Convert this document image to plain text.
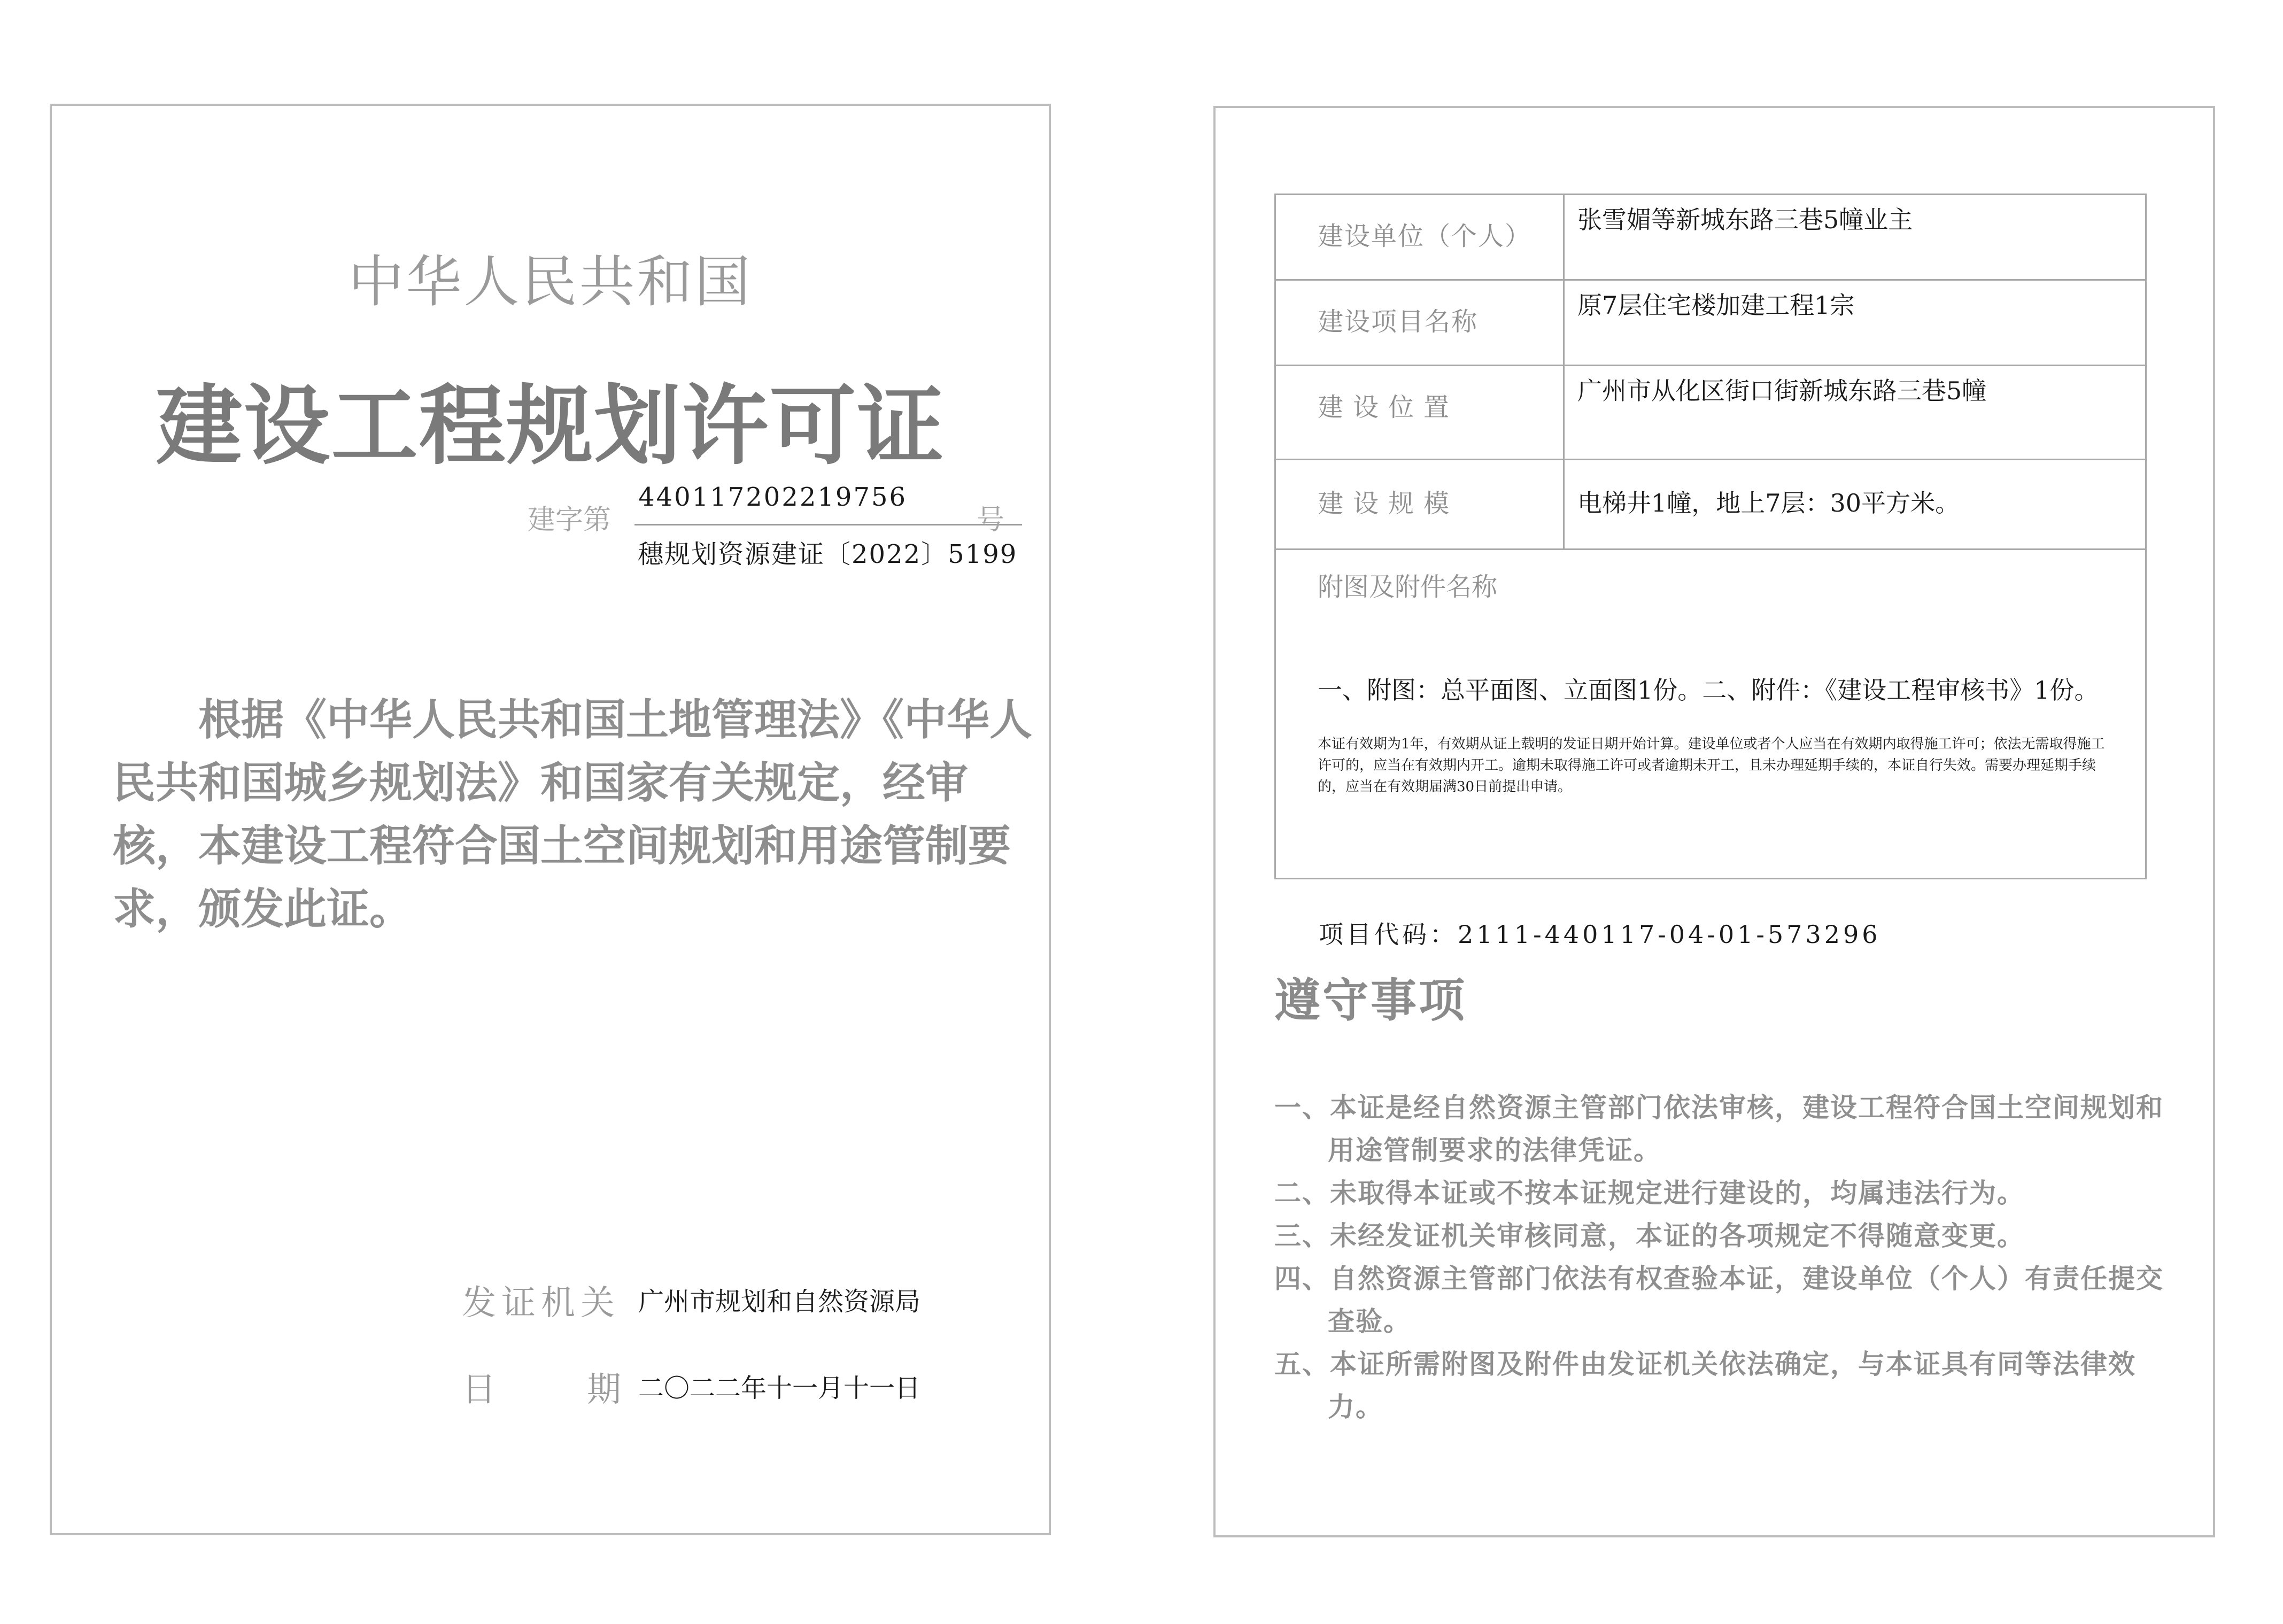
中华人民共和国
建设工程规划许可证
建字第
440117202219756
号
穗规划资源建证〔2022〕5199
根据《中华人民共和国土地管理法》《中华人民共和国城乡规划法》和国家有关规定，经审核，本建设工程符合国土空间规划和用途管制要求，颁发此证。
发证机关 广州市规划和自然资源局
日期
二〇二二年十一月十一日
建设单位（个人）	张雪媚等新城东路三巷5幢业主
建设项目名称	原7层住宅楼加建工程1宗
建设位置	广州市从化区街口街新城东路三巷5幢
建设规模	电梯井1幢，地上7层：30平方米。

附图及附件名称
一、附图：总平面图、立面图1份。二、附件：《建设工程审核书》1份。
本证有效期为1年，有效期从证上载明的发证日期开始计算。建设单位或者个人应当在有效期内取得施工许可；依法无需取得施工许可的，应当在有效期内开工。逾期未取得施工许可或者逾期未开工，且未办理延期手续的，本证自行失效。需要办理延期手续的，应当在有效期届满30日前提出申请。	
项目代码：2111-440117-04-01-573296
遵守事项
一、本证是经自然资源主管部门依法审核，建设工程符合国土空间规划和用途管制要求的法律凭证。
二、未取得本证或不按本证规定进行建设的，均属违法行为。
三、未经发证机关审核同意，本证的各项规定不得随意变更。
四、自然资源主管部门依法有权查验本证，建设单位（个人）有责任提交查验。
五、本证所需附图及附件由发证机关依法确定，与本证具有同等法律效力。
